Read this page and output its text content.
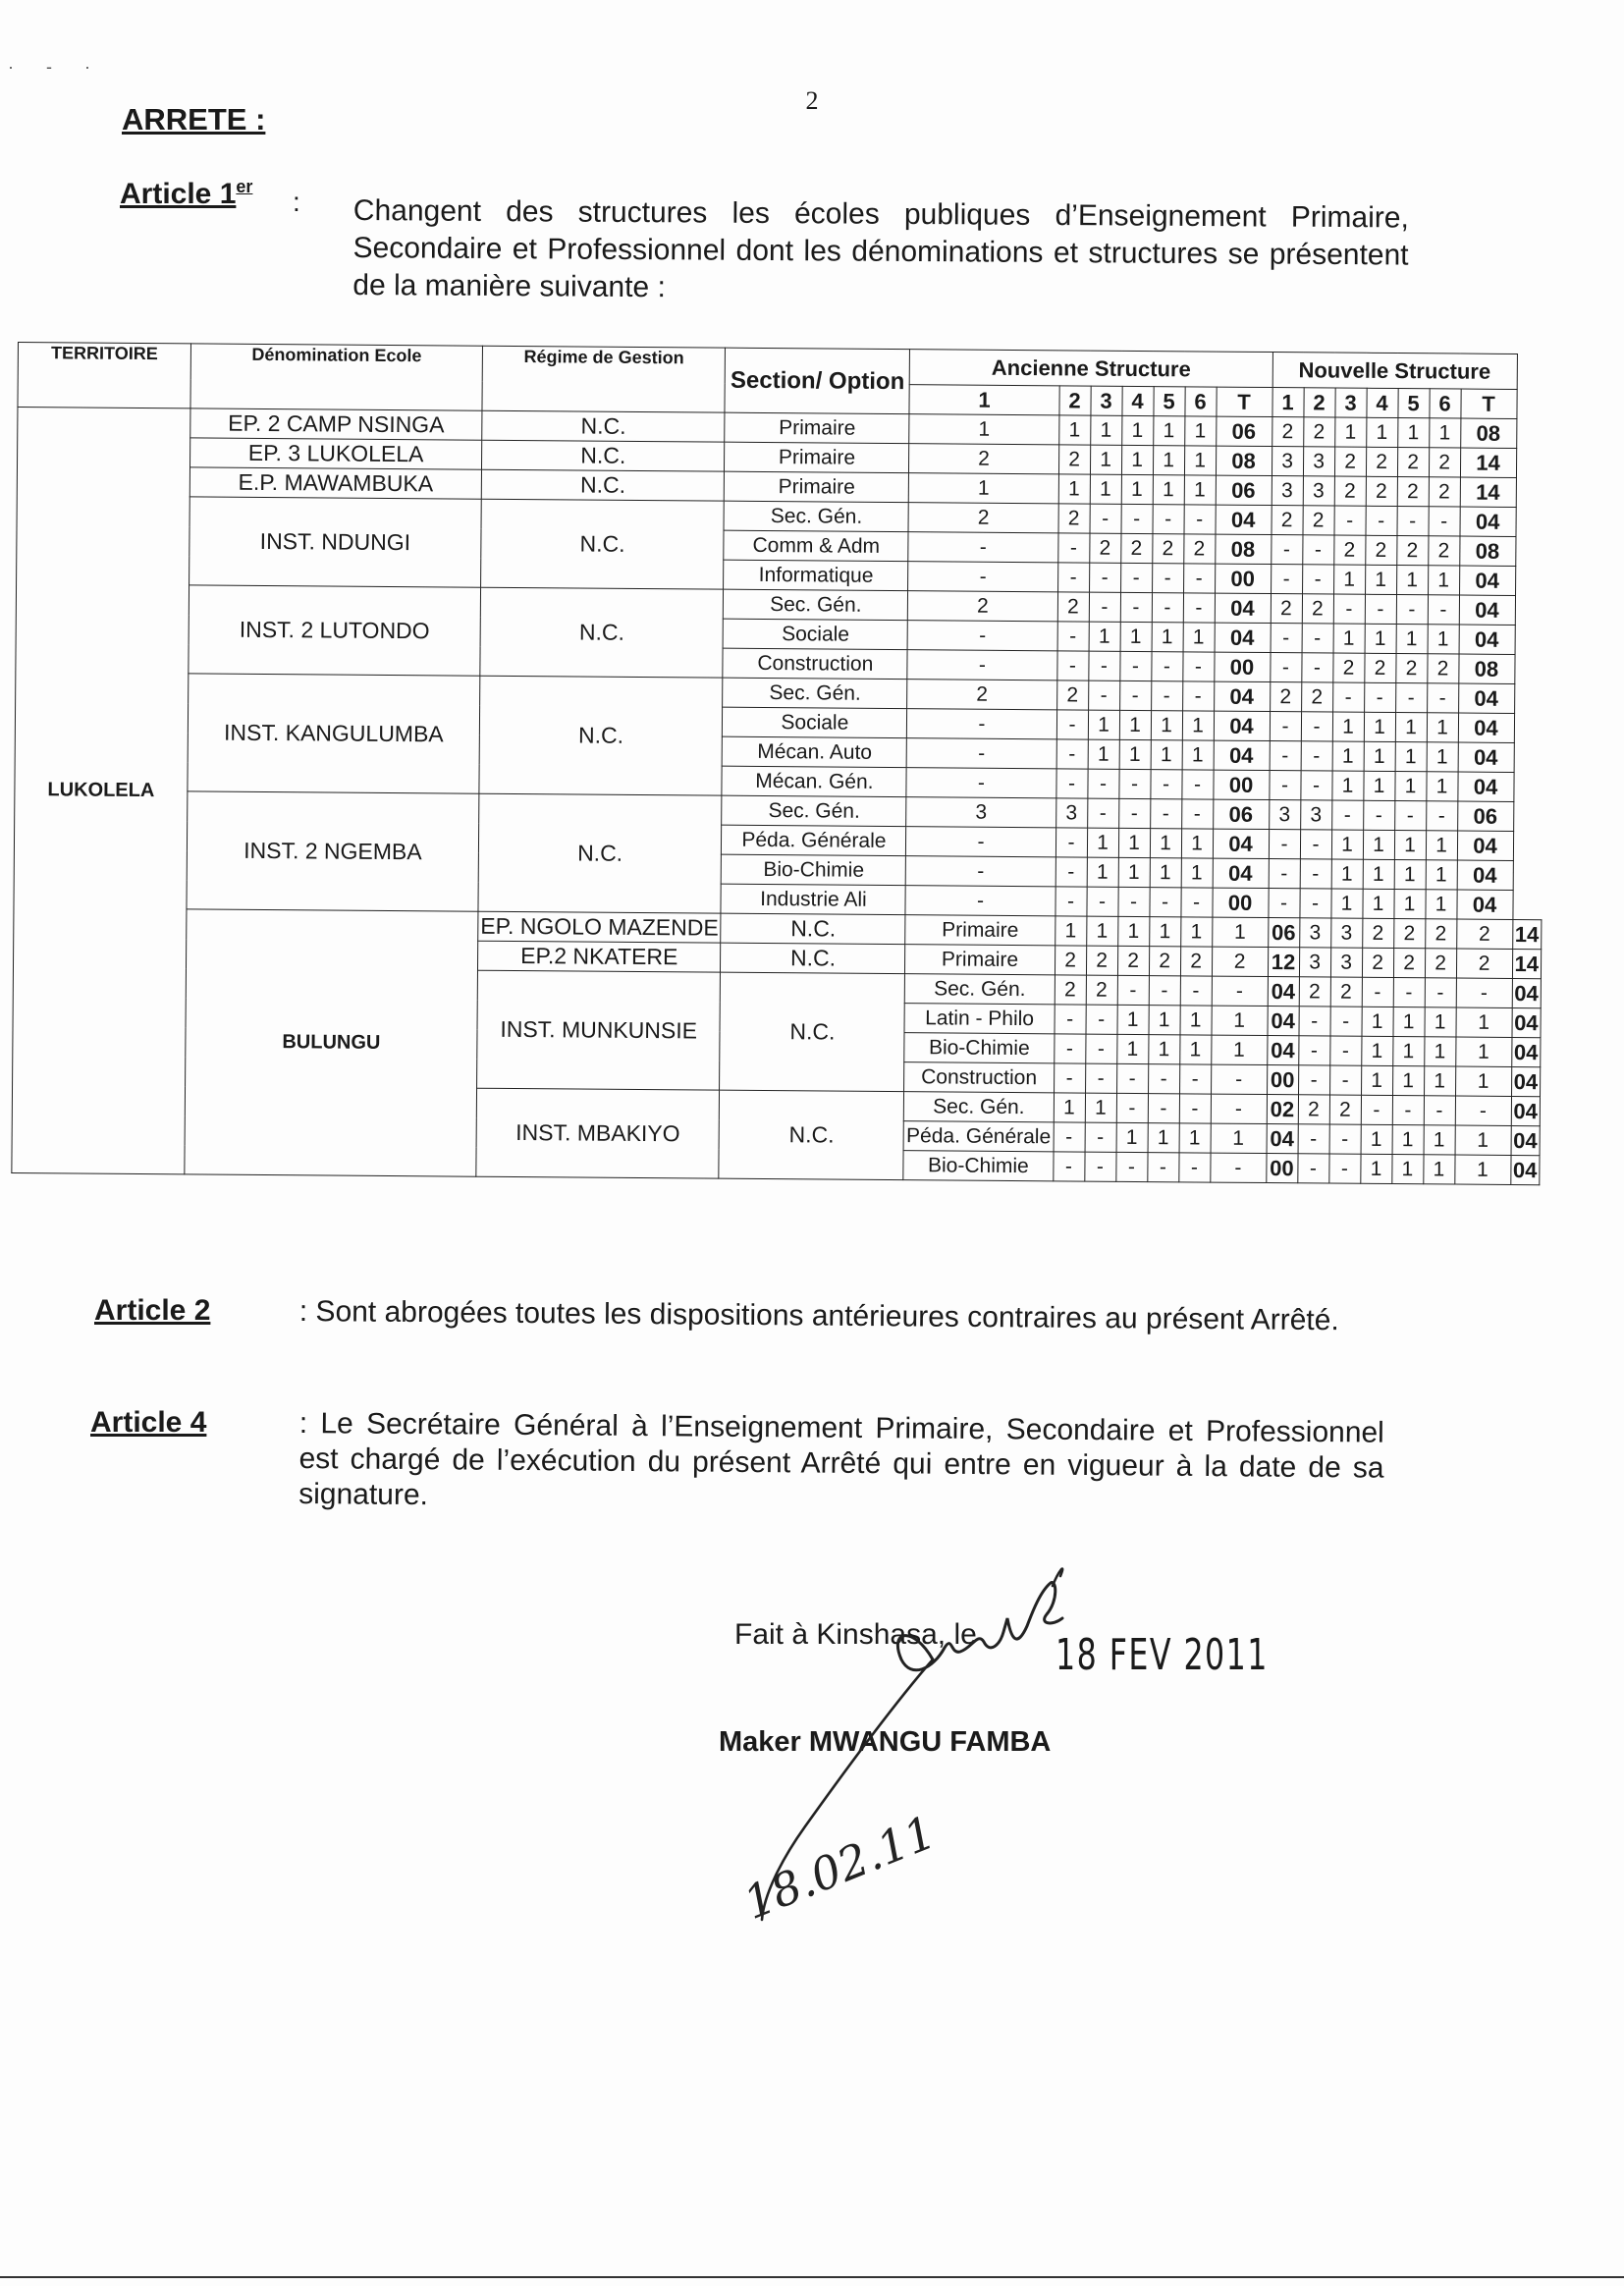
· - ·
2
ARRETE :
Article 1er : Changent des structures les écoles publiques d’Enseignement Primaire, Secondaire et Professionnel dont les dénominations et structures se présentent de la manière suivante :
TERRITOIRE	Dénomination Ecole	Régime de Gestion	Section/ Option	Ancienne Structure							Nouvelle Structure							
				1	2	3	4	5	6	T	1	2	3	4	5	6	T	
LUKOLELA	EP. 2 CAMP NSINGA	N.C.	Primaire	1	1	1	1	1	1	06	2	2	1	1	1	1	08	
	EP. 3 LUKOLELA	N.C.	Primaire	2	2	1	1	1	1	08	3	3	2	2	2	2	14	
	E.P. MAWAMBUKA	N.C.	Primaire	1	1	1	1	1	1	06	3	3	2	2	2	2	14	
	INST. NDUNGI	N.C.	Sec. Gén.	2	2	-	-	-	-	04	2	2	-	-	-	-	04	
			Comm & Adm	-	-	2	2	2	2	08	-	-	2	2	2	2	08	
			Informatique	-	-	-	-	-	-	00	-	-	1	1	1	1	04	
	INST. 2 LUTONDO	N.C.	Sec. Gén.	2	2	-	-	-	-	04	2	2	-	-	-	-	04	
			Sociale	-	-	1	1	1	1	04	-	-	1	1	1	1	04	
			Construction	-	-	-	-	-	-	00	-	-	2	2	2	2	08	
	INST. KANGULUMBA	N.C.	Sec. Gén.	2	2	-	-	-	-	04	2	2	-	-	-	-	04	
			Sociale	-	-	1	1	1	1	04	-	-	1	1	1	1	04	
			Mécan. Auto	-	-	1	1	1	1	04	-	-	1	1	1	1	04	
			Mécan. Gén.	-	-	-	-	-	-	00	-	-	1	1	1	1	04	
	INST. 2 NGEMBA	N.C.	Sec. Gén.	3	3	-	-	-	-	06	3	3	-	-	-	-	06	
			Péda. Générale	-	-	1	1	1	1	04	-	-	1	1	1	1	04	
			Bio-Chimie	-	-	1	1	1	1	04	-	-	1	1	1	1	04	
			Industrie Ali	-	-	-	-	-	-	00	-	-	1	1	1	1	04	
	BULUNGU	EP. NGOLO MAZENDE	N.C.	Primaire	1	1	1	1	1	1	06	3	3	2	2	2	2	14
		EP.2 NKATERE	N.C.	Primaire	2	2	2	2	2	2	12	3	3	2	2	2	2	14
		INST. MUNKUNSIE	N.C.	Sec. Gén.	2	2	-	-	-	-	04	2	2	-	-	-	-	04
				Latin - Philo	-	-	1	1	1	1	04	-	-	1	1	1	1	04
				Bio-Chimie	-	-	1	1	1	1	04	-	-	1	1	1	1	04
				Construction	-	-	-	-	-	-	00	-	-	1	1	1	1	04
		INST. MBAKIYO	N.C.	Sec. Gén.	1	1	-	-	-	-	02	2	2	-	-	-	-	04
				Péda. Générale	-	-	1	1	1	1	04	-	-	1	1	1	1	04
				Bio-Chimie	-	-	-	-	-	-	00	-	-	1	1	1	1	04
Article 2	: Sont abrogées toutes les dispositions antérieures contraires au présent Arrêté.
Article 4	: Le Secrétaire Général à l’Enseignement Primaire, Secondaire et Professionnel est chargé de l’exécution du présent Arrêté qui entre en vigueur à la date de sa signature.
Fait à Kinshasa, le 18 FEV 2011
Maker MWANGU FAMBA
18.02.11
